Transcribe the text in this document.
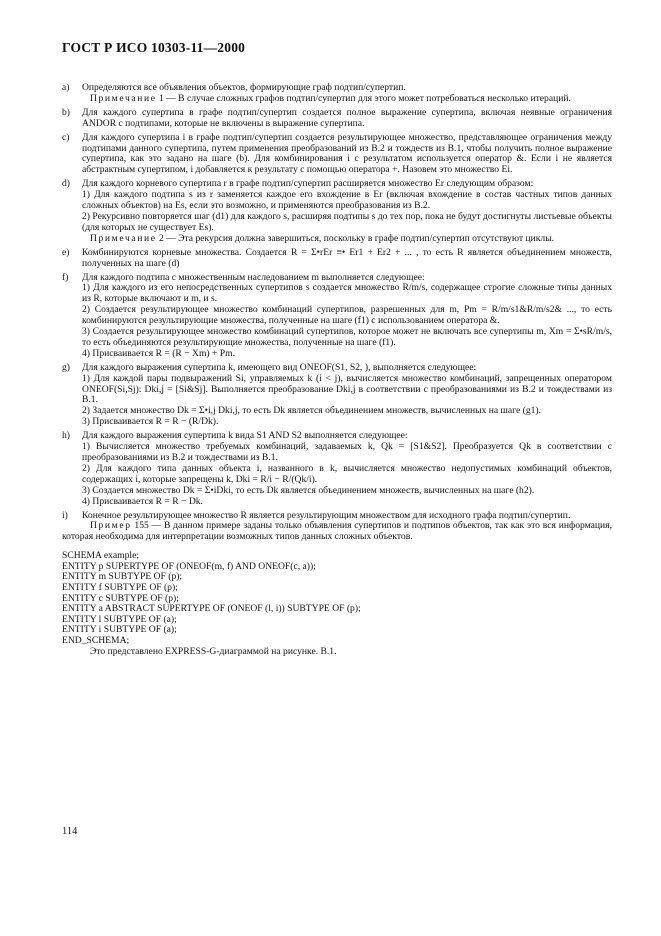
ГОСТ Р ИСО 10303-11—2000
a)	Определяются все объявления объектов, формирующие граф подтип/супертип.

Примечание 1 — В случае сложных графов подтип/супертип для этого может потребоваться несколько итераций.

b)	Для каждого супертипа в графе подтип/супертип создается полное выражение супертипа, включая неявные ограничения ANDOR с подтипами, которые не включены в выражение супертипа.

c)	Для каждого супертипа i в графе подтип/супертип создается результирующее множество, представляющее ограничения между подтипами данного супертипа, путем применения преобразований из В.2 и тождеств из В.1, чтобы получить полное выражение супертипа, как это задано на шаге (b). Для комбинирования i с результатом используется оператор &. Если i не является абстрактным супертипом, i добавляется к результату с помощью оператора +. Назовем это множество Ei.

d)	Для каждого корневого супертипа r в графе подтип/супертип расширяется множество Er следующим образом:

1) Для каждого подтипа s из r заменяется каждое его вхождение в Er (включая вхождение в состав частных типов данных сложных объектов) на Es, если это возможно, и применяются преобразования из В.2.

2) Рекурсивно повторяется шаг (d1) для каждого s, расширяя подтипы s до тех пор, пока не будут достигнуты листьевые объекты (для которых не существует Es).

Примечание 2 — Эта рекурсия должна завершиться, поскольку в графе подтип/супертип отсутствуют циклы.

e)	Комбинируются корневые множества. Создается R = Σ•rEr ≡• Er1 + Er2 + ... , то есть R является объединением множеств, полученных на шаге (d)

f)	Для каждого подтипа с множественным наследованием m выполняется следующее:

1) Для каждого из его непосредственных супертипов s создается множество R/m/s, содержащее строгие сложные типы данных из R, которые включают и m, и s.

2) Создается результирующее множество комбинаций супертипов, разрешенных для m, Pm = R/m/s1&R/m/s2& ..., то есть комбинируются результирующие множества, полученные на шаге (f1) с использованием оператора &.

3) Создается результирующее множество комбинаций супертипов, которое может не включать все супертипы m, Xm = Σ•sR/m/s, то есть объединяются результирующие множества, полученные на шаге (f1).

4) Присваивается R = (R − Xm) + Pm.

g)	Для каждого выражения супертипа k, имеющего вид ONEOF(S1, S2, ), выполняется следующее:

1) Для каждой пары подвыражений Si, управляемых k (i < j), вычисляется множество комбинаций, запрещенных оператором ONEOF(Si,Sj): Dki,j = [Si&Sj]. Выполняется преобразование Dki,j в соответствии с преобразованиями из В.2 и тождествами из В.1.

2) Задается множество Dk = Σ•i,j Dki,j, то есть Dk является объединением множеств, вычисленных на шаге (g1).

3) Присваивается R = R − (R/Dk).

h)	Для каждого выражения супертипа k вида S1 AND S2 выполняется следующее:

1) Вычисляется множество требуемых комбинаций, задаваемых k, Qk = [S1&S2]. Преобразуется Qk в соответствии с преобразованиями из В.2 и тождествами из В.1.

2) Для каждого типа данных объекта i, названного в k, вычисляется множество недопустимых комбинаций объектов, содержащих i, которые запрещены k, Dki = R/i − R/(Qk/i).

3) Создается множество Dk = Σ•iDki, то есть Dk является объединением множеств, вычисленных на шаге (h2).

4) Присваивается R = R − Dk.

i)	Конечное результирующее множество R является результирующим множеством для исходного графа подтип/супертип.

Пример 155 — В данном примере заданы только объявления супертипов и подтипов объектов, так как это вся информация, которая необходима для интерпретации возможных типов данных сложных объектов.

SCHEMA example;
ENTITY p SUPERTYPE OF (ONEOF(m, f) AND ONEOF(c, a));
ENTITY m SUBTYPE OF (p);
ENTITY f SUBTYPE OF (p);
ENTITY c SUBTYPE OF (p);
ENTITY a ABSTRACT SUPERTYPE OF (ONEOF (l, i)) SUBTYPE OF (p);
ENTITY l SUBTYPE OF (a);
ENTITY i SUBTYPE OF (a);
END_SCHEMA;

Это представлено EXPRESS-G-диаграммой на рисунке. В.1.

114
